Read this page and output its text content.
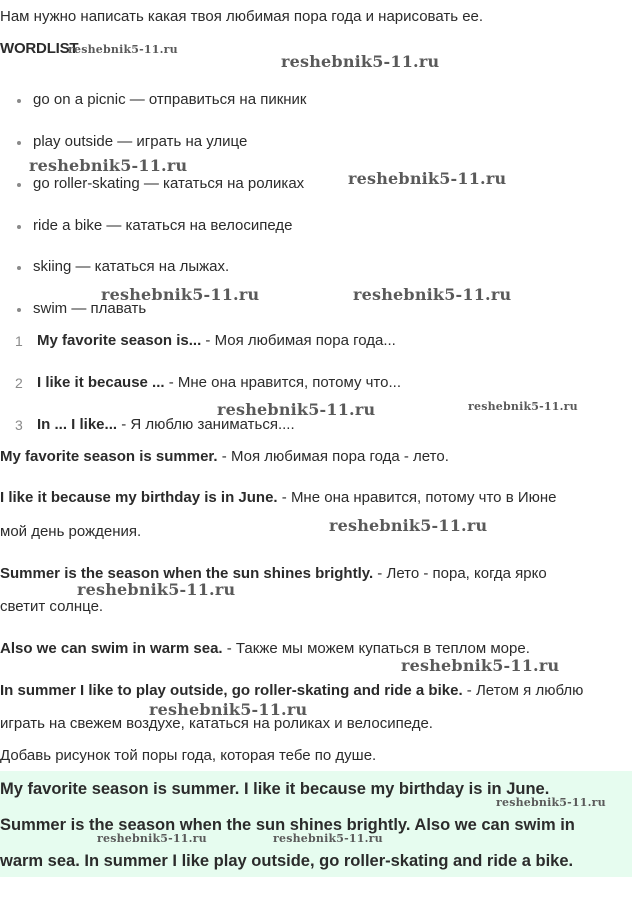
Нам нужно написать какая твоя любимая пора года и нарисовать ее.
WORDLIST
go on a picnic — отправиться на пикник
play outside — играть на улице
go roller-skating — кататься на роликах
ride a bike — кататься на велосипеде
skiing — кататься на лыжах.
swim — плавать
1 My favorite season is... - Моя любимая пора года...
2 I like it because ... - Мне она нравится, потому что...
3 In ... I like... - Я люблю заниматься....
My favorite season is summer. - Моя любимая пора года - лето.
I like it because my birthday is in June. - Мне она нравится, потому что в Июне
мой день рождения.
Summer is the season when the sun shines brightly. - Лето - пора, когда ярко
светит солнце.
Also we can swim in warm sea. - Также мы можем купаться в теплом море.
In summer I like to play outside, go roller-skating and ride a bike. - Летом я люблю
играть на свежем воздухе, кататься на роликах и велосипеде.
Добавь рисунок той поры года, которая тебе по душе.
My favorite season is summer. I like it because my birthday is in June.
Summer is the season when the sun shines brightly. Also we can swim in
warm sea. In summer I like play outside, go roller-skating and ride a bike.
reshebnik5-11.ru
reshebnik5-11.ru
reshebnik5-11.ru
reshebnik5-11.ru
reshebnik5-11.ru	reshebnik5-11.ru
reshebnik5-11.ru	reshebnik5-11.ru
reshebnik5-11.ru
reshebnik5-11.ru
reshebnik5-11.ru
reshebnik5-11.ru
reshebnik5-11.ru
reshebnik5-11.ru	reshebnik5-11.ru
